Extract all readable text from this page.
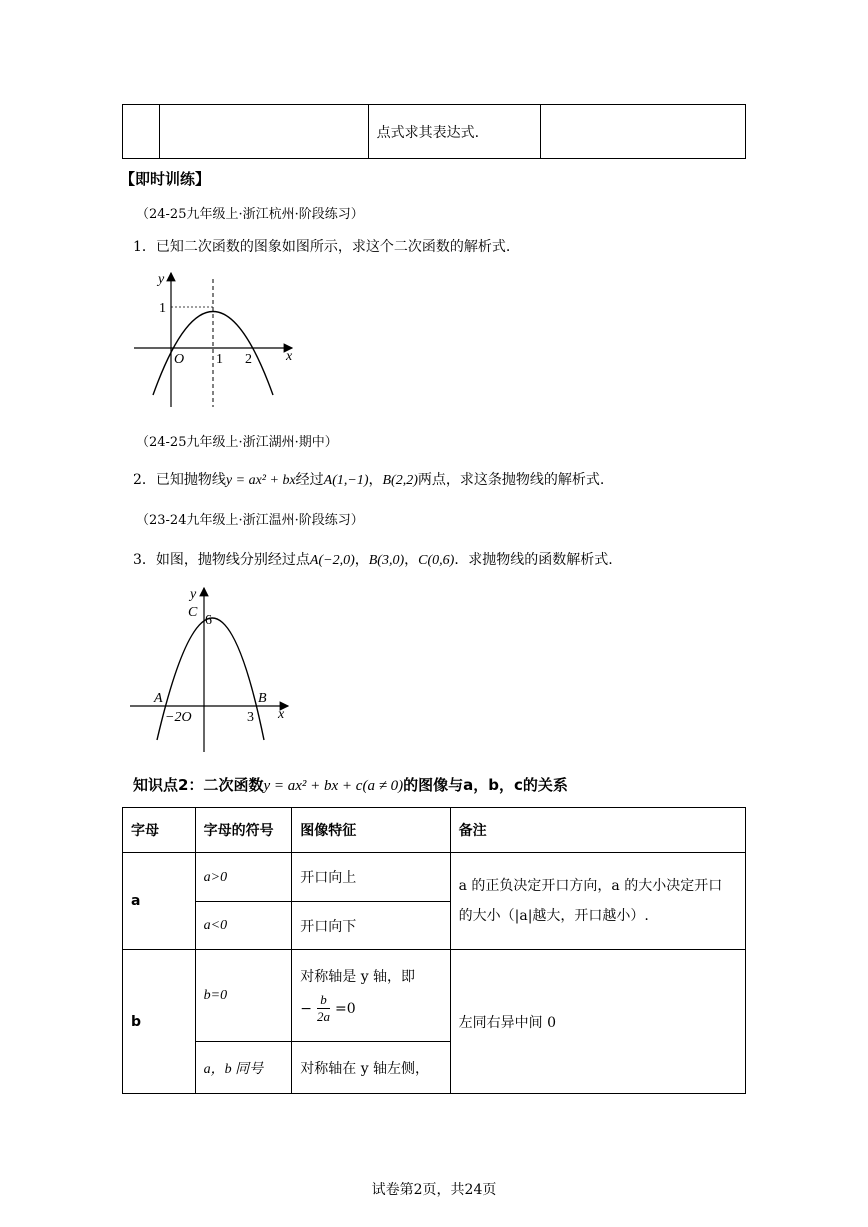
		点式求其表达式.	
【即时训练】
（24-25九年级上·浙江杭州·阶段练习）
1．已知二次函数的图象如图所示，求这个二次函数的解析式.
y
x
1
O 1 2
（24-25九年级上·浙江湖州·期中）
2．已知抛物线y = ax² + bx经过A(1,−1)，B(2,2)两点，求这条抛物线的解析式.
（23-24九年级上·浙江温州·阶段练习）
3．如图，抛物线分别经过点A(−2,0)，B(3,0)，C(0,6)．求抛物线的函数解析式.
y
x
C
6
A	B
−2O	3
知识点2：二次函数y = ax² + bx + c(a ≠ 0)的图像与a，b，c的关系
字母	字母的符号	图像特征	备注
a	a>0	开口向上	a 的正负决定开口方向，a 的大小决定开口
的大小（|a|越大，开口越小）.

	a<0	开口向下	
b	b=0	对称轴是 y 轴，即
− $\frac{b}{2a} =0$	左同右异中间 0
	a，b 同号	对称轴在 y 轴左侧，	
试卷第2页，共24页
